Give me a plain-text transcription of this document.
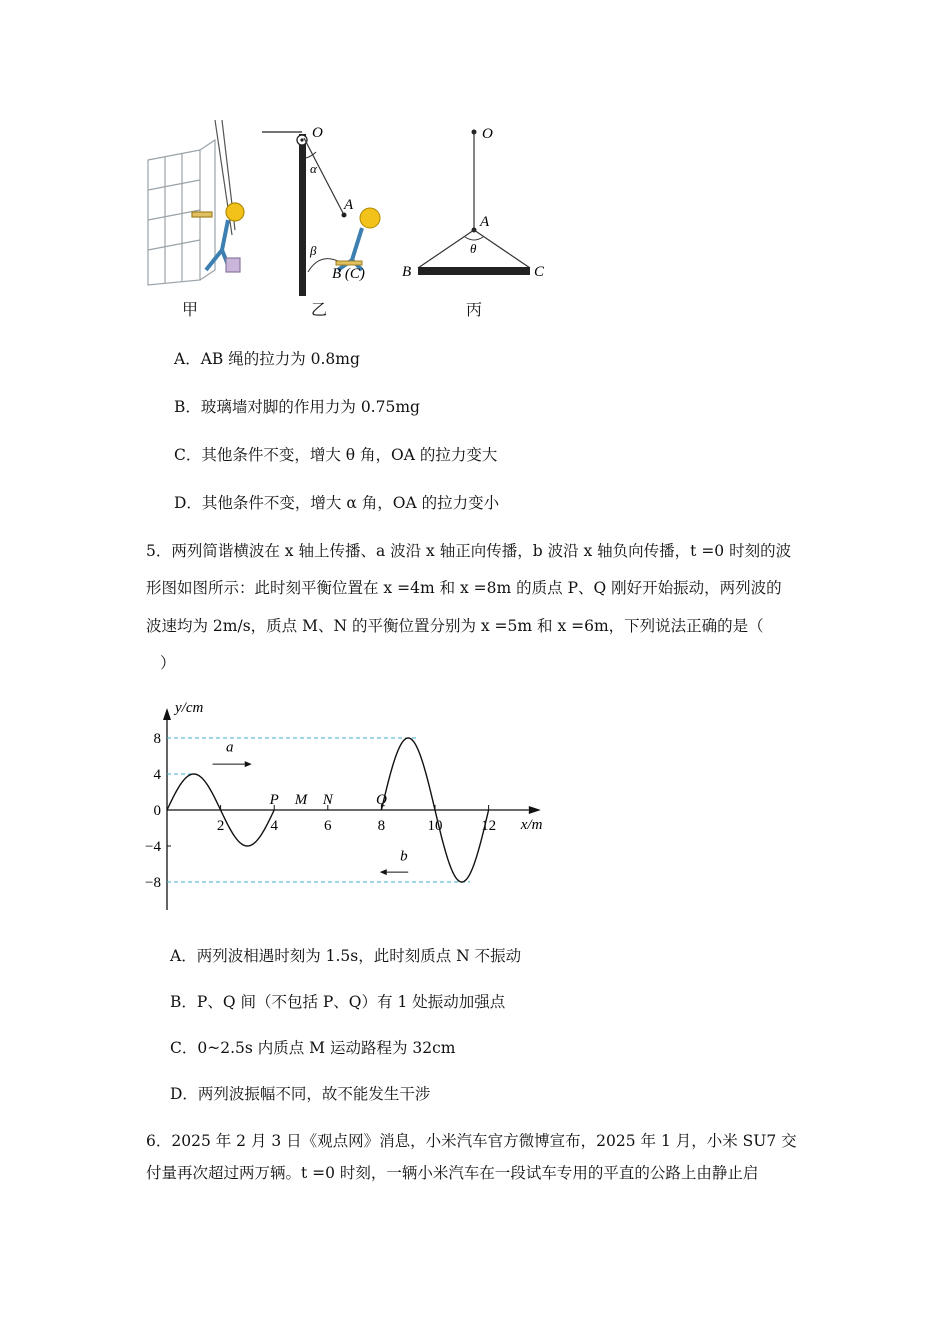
O
α
A
β
B (C)
O
A
θ
B	C
甲	乙	丙
A．AB 绳的拉力为 0.8mg
B．玻璃墙对脚的作用力为 0.75mg
C．其他条件不变，增大 θ 角，OA 的拉力变大
D．其他条件不变，增大 α 角，OA 的拉力变小
5．两列简谐横波在 x 轴上传播、a 波沿 x 轴正向传播，b 波沿 x 轴负向传播，t =0 时刻的波
形图如图所示：此时刻平衡位置在 x =4m 和 x =8m 的质点 P、Q 刚好开始振动，两列波的
波速均为 2m/s，质点 M、N 的平衡位置分别为 x =5m 和 x =6m，下列说法正确的是（
）
y/cm
x/m
8
4
0
−4
−8
2	4	6	8	10	12
P M N	Q
a
b
A．两列波相遇时刻为 1.5s，此时刻质点 N 不振动
B．P、Q 间（不包括 P、Q）有 1 处振动加强点
C．0~2.5s 内质点 M 运动路程为 32cm
D．两列波振幅不同，故不能发生干涉
6．2025 年 2 月 3 日《观点网》消息，小米汽车官方微博宣布，2025 年 1 月，小米 SU7 交
付量再次超过两万辆。t =0 时刻，一辆小米汽车在一段试车专用的平直的公路上由静止启
